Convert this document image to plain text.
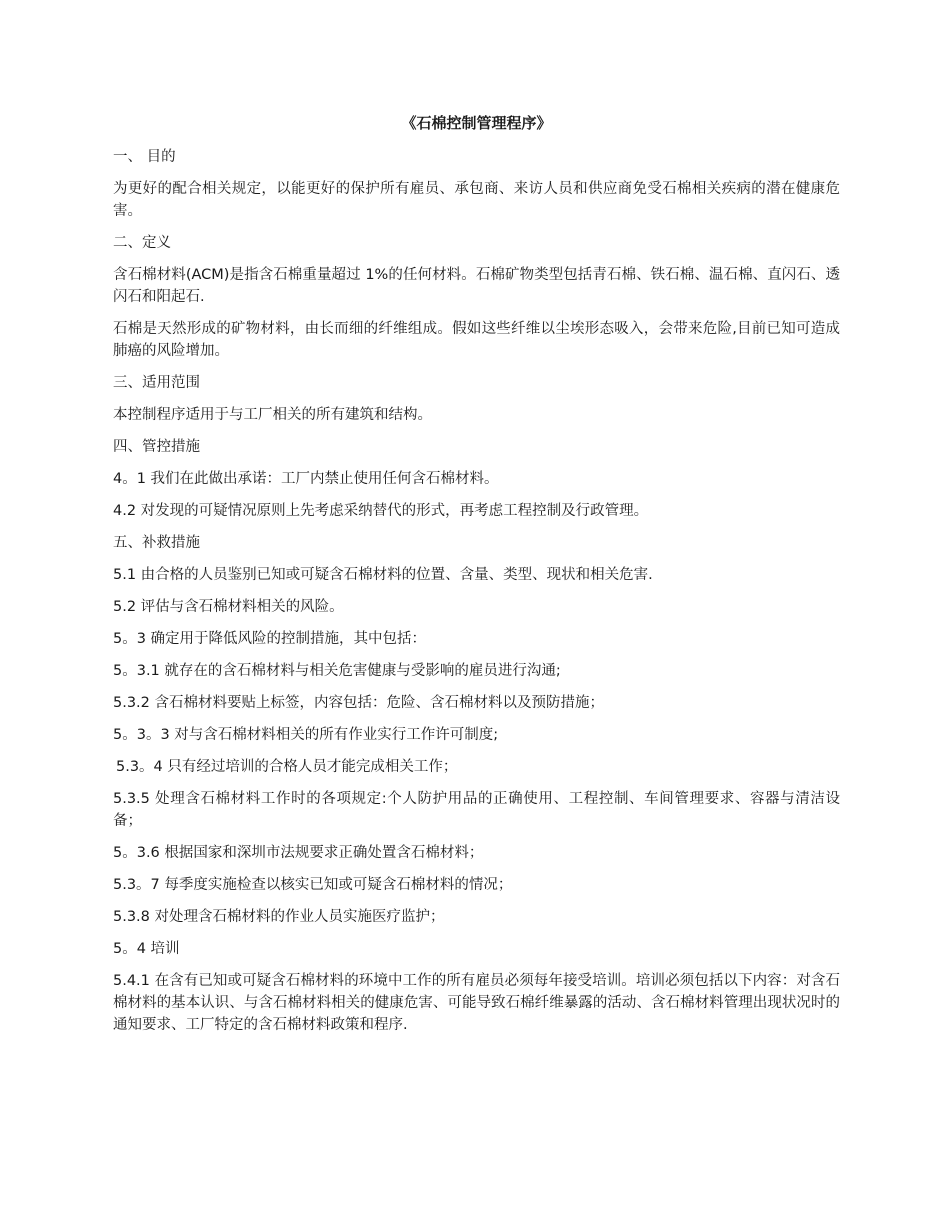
《石棉控制管理程序》
一、 目的
为更好的配合相关规定，以能更好的保护所有雇员、承包商、来访人员和供应商免受石棉相关疾病的潜在健康危害。
二、定义
含石棉材料(ACM)是指含石棉重量超过 1%的任何材料。石棉矿物类型包括青石棉、铁石棉、温石棉、直闪石、透闪石和阳起石.
石棉是天然形成的矿物材料，由长而细的纤维组成。假如这些纤维以尘埃形态吸入，会带来危险,目前已知可造成肺癌的风险增加。
三、适用范围
本控制程序适用于与工厂相关的所有建筑和结构。
四、管控措施
4。1 我们在此做出承诺：工厂内禁止使用任何含石棉材料。
4.2 对发现的可疑情况原则上先考虑采纳替代的形式，再考虑工程控制及行政管理。
五、补救措施
5.1 由合格的人员鉴别已知或可疑含石棉材料的位置、含量、类型、现状和相关危害.
5.2 评估与含石棉材料相关的风险。
5。3 确定用于降低风险的控制措施，其中包括：
5。3.1 就存在的含石棉材料与相关危害健康与受影响的雇员进行沟通;
5.3.2 含石棉材料要贴上标签，内容包括：危险、含石棉材料以及预防措施；
5。3。3 对与含石棉材料相关的所有作业实行工作许可制度;
5.3。4 只有经过培训的合格人员才能完成相关工作；
5.3.5 处理含石棉材料工作时的各项规定:个人防护用品的正确使用、工程控制、车间管理要求、容器与清洁设备；
5。3.6 根据国家和深圳市法规要求正确处置含石棉材料；
5.3。7 每季度实施检查以核实已知或可疑含石棉材料的情况；
5.3.8 对处理含石棉材料的作业人员实施医疗监护；
5。4 培训
5.4.1 在含有已知或可疑含石棉材料的环境中工作的所有雇员必须每年接受培训。培训必须包括以下内容：对含石棉材料的基本认识、与含石棉材料相关的健康危害、可能导致石棉纤维暴露的活动、含石棉材料管理出现状况时的通知要求、工厂特定的含石棉材料政策和程序.
